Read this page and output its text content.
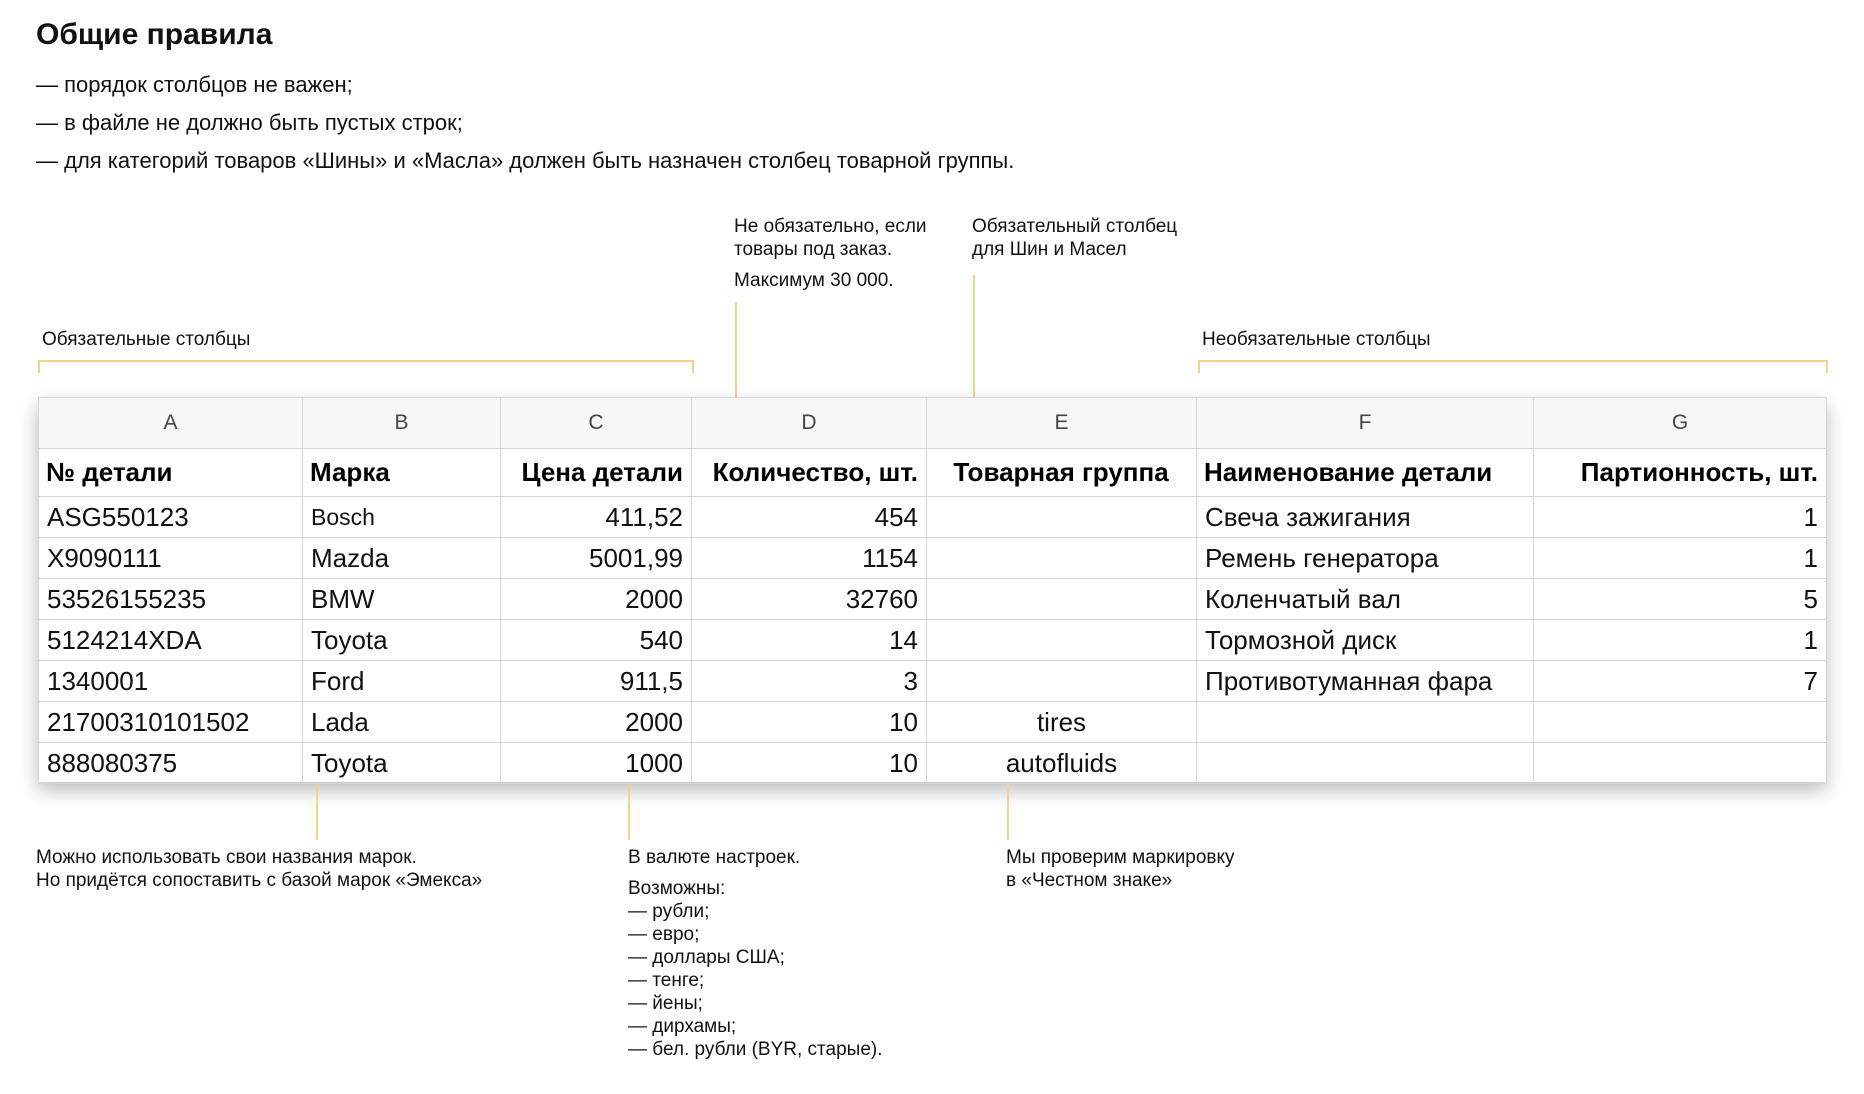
Общие правила
— порядок столбцов не важен;
— в файле не должно быть пустых строк;
— для категорий товаров «Шины» и «Масла» должен быть назначен столбец товарной группы.
Обязательные столбцы	Необязательные столбцы

Не обязательно, если

товары под заказ.

Максимум 30 000.

Обязательный столбец

для Шин и Масел

A	B	C	D	E	F	G
№ детали	Марка	Цена детали	Количество, шт.	Товарная группа	Наименование детали	Партионность, шт.
ASG550123	Bosch	411,52	454		Свеча зажигания	1
X9090111	Mazda	5001,99	1154		Ремень генератора	1
53526155235	BMW	2000	32760		Коленчатый вал	5
5124214XDA	Toyota	540	14		Тормозной диск	1
1340001	Ford	911,5	3		Противотуманная фара	7
21700310101502	Lada	2000	10	tires		
888080375	Toyota	1000	10	autofluids		

Можно использовать свои названия марок.

Но придётся сопоставить с базой марок «Эмекса»

В валюте настроек.

Возможны:

— рубли;

— евро;

— доллары США;

— тенге;

— йены;

— дирхамы;

— бел. рубли (BYR, старые).

Мы проверим маркировку

в «Честном знаке»
